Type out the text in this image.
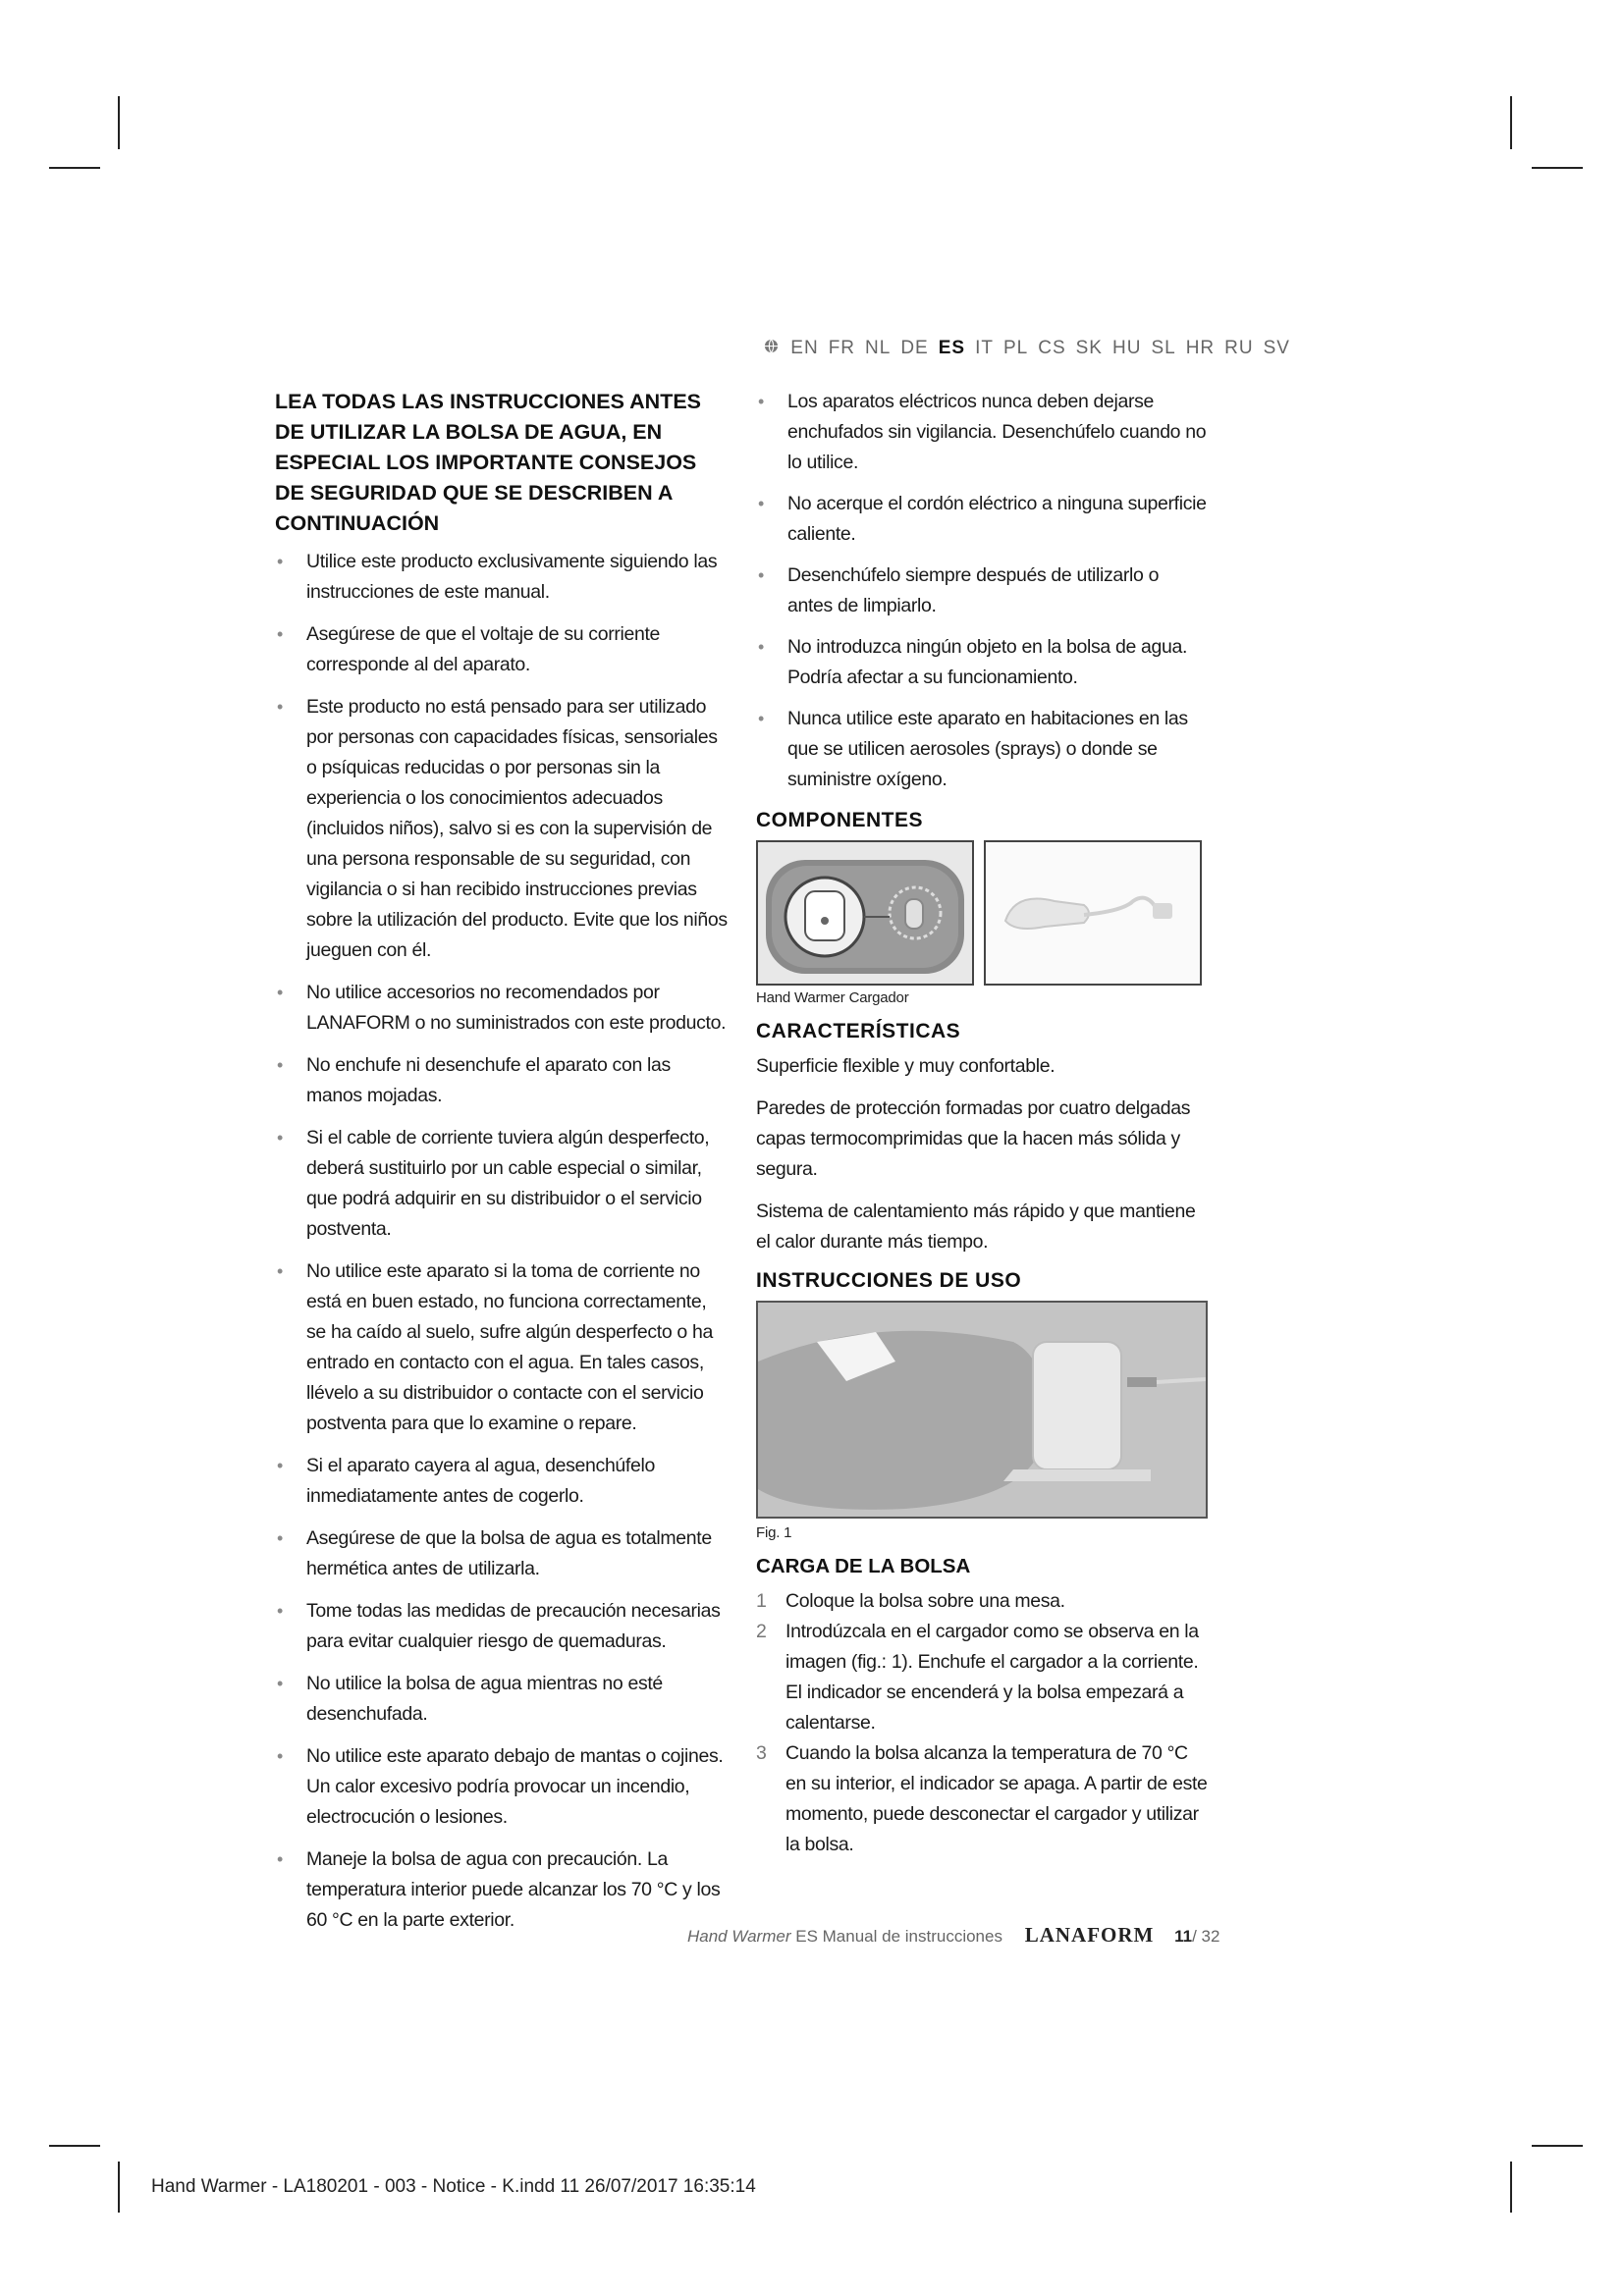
EN FR NL DE ES IT PL CS SK HU SL HR RU SV
LEA TODAS LAS INSTRUCCIONES ANTES DE UTILIZAR LA BOLSA DE AGUA, EN ESPECIAL LOS IMPORTANTE CONSEJOS DE SEGURIDAD QUE SE DESCRIBEN A CONTINUACIÓN
• Utilice este producto exclusivamente siguiendo las instrucciones de este manual.
• Asegúrese de que el voltaje de su corriente corresponde al del aparato.
• Este producto no está pensado para ser utilizado por personas con capacidades físicas, sensoriales o psíquicas reducidas o por personas sin la experiencia o los conocimientos adecuados (incluidos niños), salvo si es con la supervisión de una persona responsable de su seguridad, con vigilancia o si han recibido instrucciones previas sobre la utilización del producto. Evite que los niños jueguen con él.
• No utilice accesorios no recomendados por LANAFORM o no suministrados con este producto.
• No enchufe ni desenchufe el aparato con las manos mojadas.
• Si el cable de corriente tuviera algún desperfecto, deberá sustituirlo por un cable especial o similar, que podrá adquirir en su distribuidor o el servicio postventa.
• No utilice este aparato si la toma de corriente no está en buen estado, no funciona correctamente, se ha caído al suelo, sufre algún desperfecto o ha entrado en contacto con el agua. En tales casos, llévelo a su distribuidor o contacte con el servicio postventa para que lo examine o repare.
• Si el aparato cayera al agua, desenchúfelo inmediatamente antes de cogerlo.
• Asegúrese de que la bolsa de agua es totalmente hermética antes de utilizarla.
• Tome todas las medidas de precaución necesarias para evitar cualquier riesgo de quemaduras.
• No utilice la bolsa de agua mientras no esté desenchufada.
• No utilice este aparato debajo de mantas o cojines. Un calor excesivo podría provocar un incendio, electrocución o lesiones.
• Maneje la bolsa de agua con precaución. La temperatura interior puede alcanzar los 70 °C y los 60 °C en la parte exterior.
• Los aparatos eléctricos nunca deben dejarse enchufados sin vigilancia. Desenchúfelo cuando no lo utilice.
• No acerque el cordón eléctrico a ninguna superficie caliente.
• Desenchúfelo siempre después de utilizarlo o antes de limpiarlo.
• No introduzca ningún objeto en la bolsa de agua. Podría afectar a su funcionamiento.
• Nunca utilice este aparato en habitaciones en las que se utilicen aerosoles (sprays) o donde se suministre oxígeno.
COMPONENTES
Hand Warmer Cargador
CARACTERÍSTICAS

Superficie flexible y muy confortable.

Paredes de protección formadas por cuatro delgadas capas termocomprimidas que la hacen más sólida y segura.

Sistema de calentamiento más rápido y que mantiene el calor durante más tiempo.

INSTRUCCIONES DE USO
Fig. 1
CARGA DE LA BOLSA
1 Coloque la bolsa sobre una mesa.
2 Introdúzcala en el cargador como se observa en la imagen (fig.: 1). Enchufe el cargador a la corriente. El indicador se encenderá y la bolsa empezará a calentarse.
3 Cuando la bolsa alcanza la temperatura de 70 °C en su interior, el indicador se apaga. A partir de este momento, puede desconectar el cargador y utilizar la bolsa.
Hand Warmer ES Manual de instrucciones LANAFORM 11/ 32
Hand Warmer - LA180201 - 003 - Notice - K.indd 11 26/07/2017 16:35:14
